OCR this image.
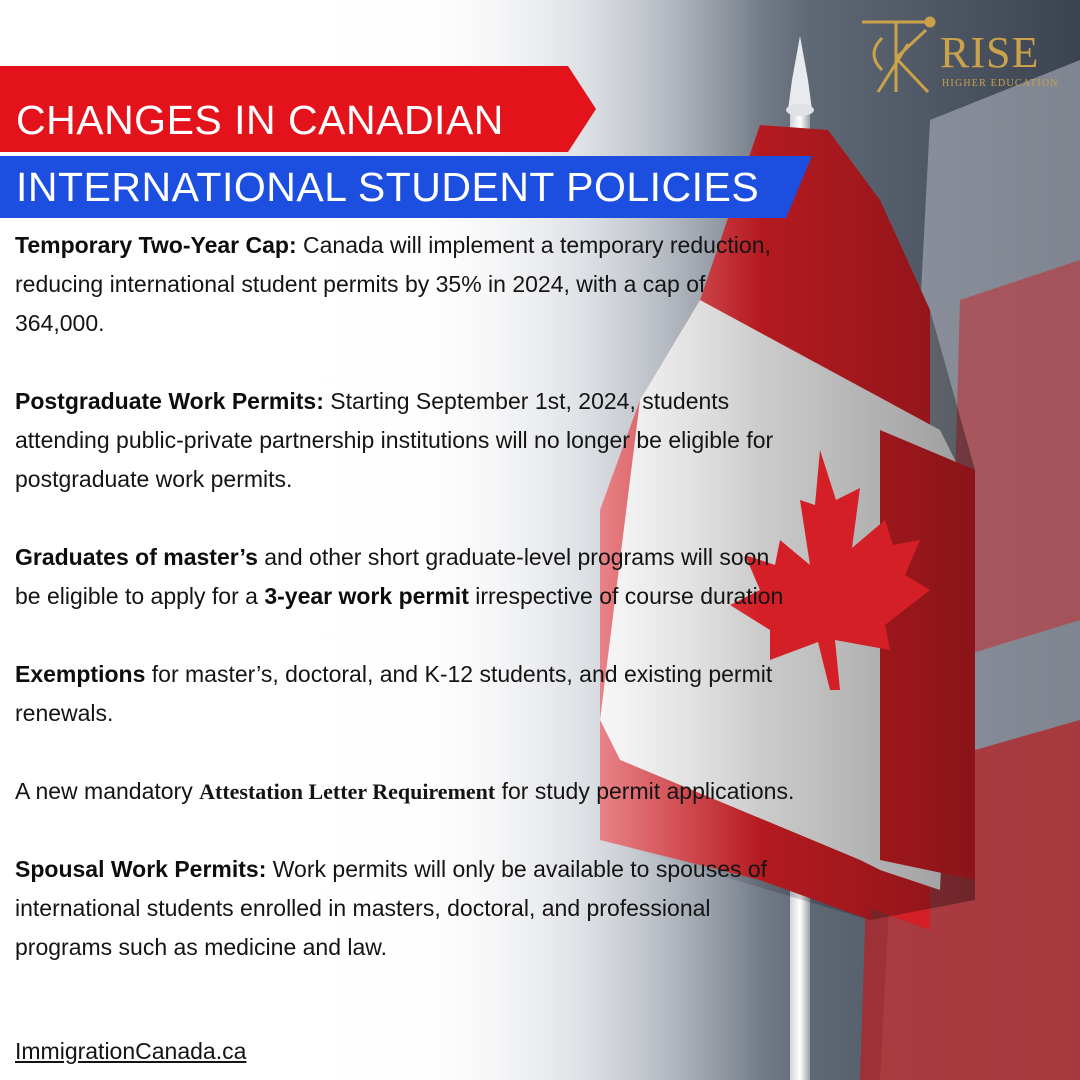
CHANGES IN CANADIAN
INTERNATIONAL STUDENT POLICIES
RISE
HIGHER EDUCATION

Temporary Two-Year Cap: Canada will implement a temporary reduction, reducing international student permits by 35% in 2024, with a cap of 364,000.

Postgraduate Work Permits: Starting September 1st, 2024, students attending public-private partnership institutions will no longer be eligible for postgraduate work permits.

Graduates of master’s and other short graduate-level programs will soon be eligible to apply for a 3-year work permit irrespective of course duration

Exemptions for master’s, doctoral, and K-12 students, and existing permit renewals.

A new mandatory Attestation Letter Requirement for study permit applications.

Spousal Work Permits: Work permits will only be available to spouses of international students enrolled in masters, doctoral, and professional programs such as medicine and law.

ImmigrationCanada.ca
